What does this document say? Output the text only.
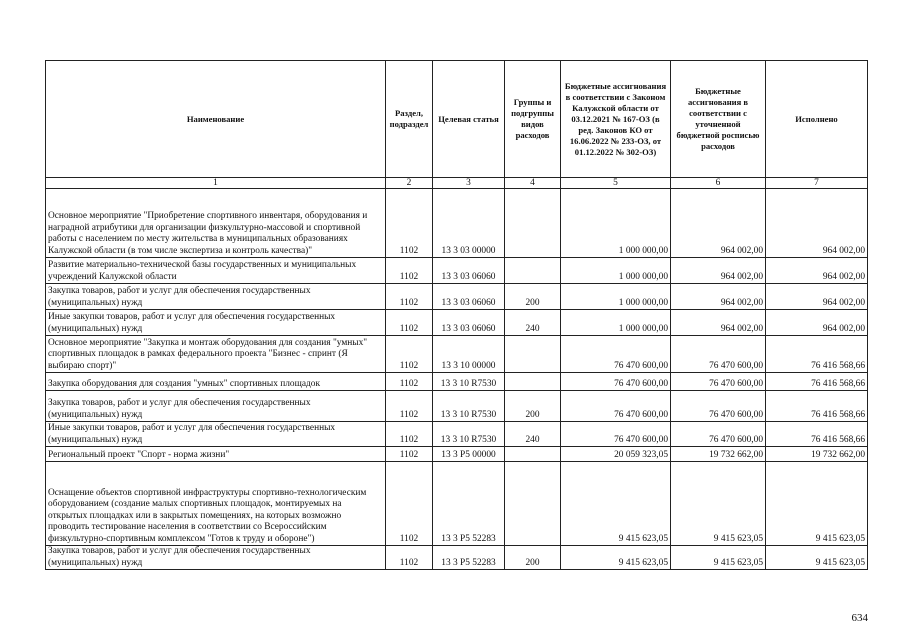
Наименование	Раздел, подраздел	Целевая статья	Группы и подгруппы видов расходов	Бюджетные ассигнования в соответствии с Законом Калужской области от 03.12.2021 № 167-ОЗ (в ред. Законов КО от 16.06.2022 № 233-ОЗ, от 01.12.2022 № 302-ОЗ)	Бюджетные ассигнования в соответствии с уточненной бюджетной росписью расходов	Исполнено
1	2	3	4	5	6	7
Основное мероприятие "Приобретение спортивного инвентаря, оборудования и наградной атрибутики для организации физкультурно-массовой и спортивной работы с населением по месту жительства в муниципальных образованиях Калужской области (в том числе экспертиза и контроль качества)"	1102	13 3 03 00000		1 000 000,00	964 002,00	964 002,00
Развитие материально-технической базы государственных и муниципальных учреждений Калужской области	1102	13 3 03 06060		1 000 000,00	964 002,00	964 002,00
Закупка товаров, работ и услуг для обеспечения государственных (муниципальных) нужд	1102	13 3 03 06060	200	1 000 000,00	964 002,00	964 002,00
Иные закупки товаров, работ и услуг для обеспечения государственных (муниципальных) нужд	1102	13 3 03 06060	240	1 000 000,00	964 002,00	964 002,00
Основное мероприятие "Закупка и монтаж оборудования для создания "умных" спортивных площадок в рамках федерального проекта "Бизнес - спринт (Я выбираю спорт)"	1102	13 3 10 00000		76 470 600,00	76 470 600,00	76 416 568,66
Закупка оборудования для создания "умных" спортивных площадок	1102	13 3 10 R7530		76 470 600,00	76 470 600,00	76 416 568,66
Закупка товаров, работ и услуг для обеспечения государственных (муниципальных) нужд	1102	13 3 10 R7530	200	76 470 600,00	76 470 600,00	76 416 568,66
Иные закупки товаров, работ и услуг для обеспечения государственных (муниципальных) нужд	1102	13 3 10 R7530	240	76 470 600,00	76 470 600,00	76 416 568,66
Региональный проект "Спорт - норма жизни"	1102	13 3 P5 00000		20 059 323,05	19 732 662,00	19 732 662,00
Оснащение объектов спортивной инфраструктуры спортивно-технологическим оборудованием (создание малых спортивных площадок, монтируемых на открытых площадках или в закрытых помещениях, на которых возможно проводить тестирование населения в соответствии со Всероссийским физкультурно-спортивным комплексом "Готов к труду и обороне")	1102	13 3 P5 52283		9 415 623,05	9 415 623,05	9 415 623,05
Закупка товаров, работ и услуг для обеспечения государственных (муниципальных) нужд	1102	13 3 P5 52283	200	9 415 623,05	9 415 623,05	9 415 623,05
634
